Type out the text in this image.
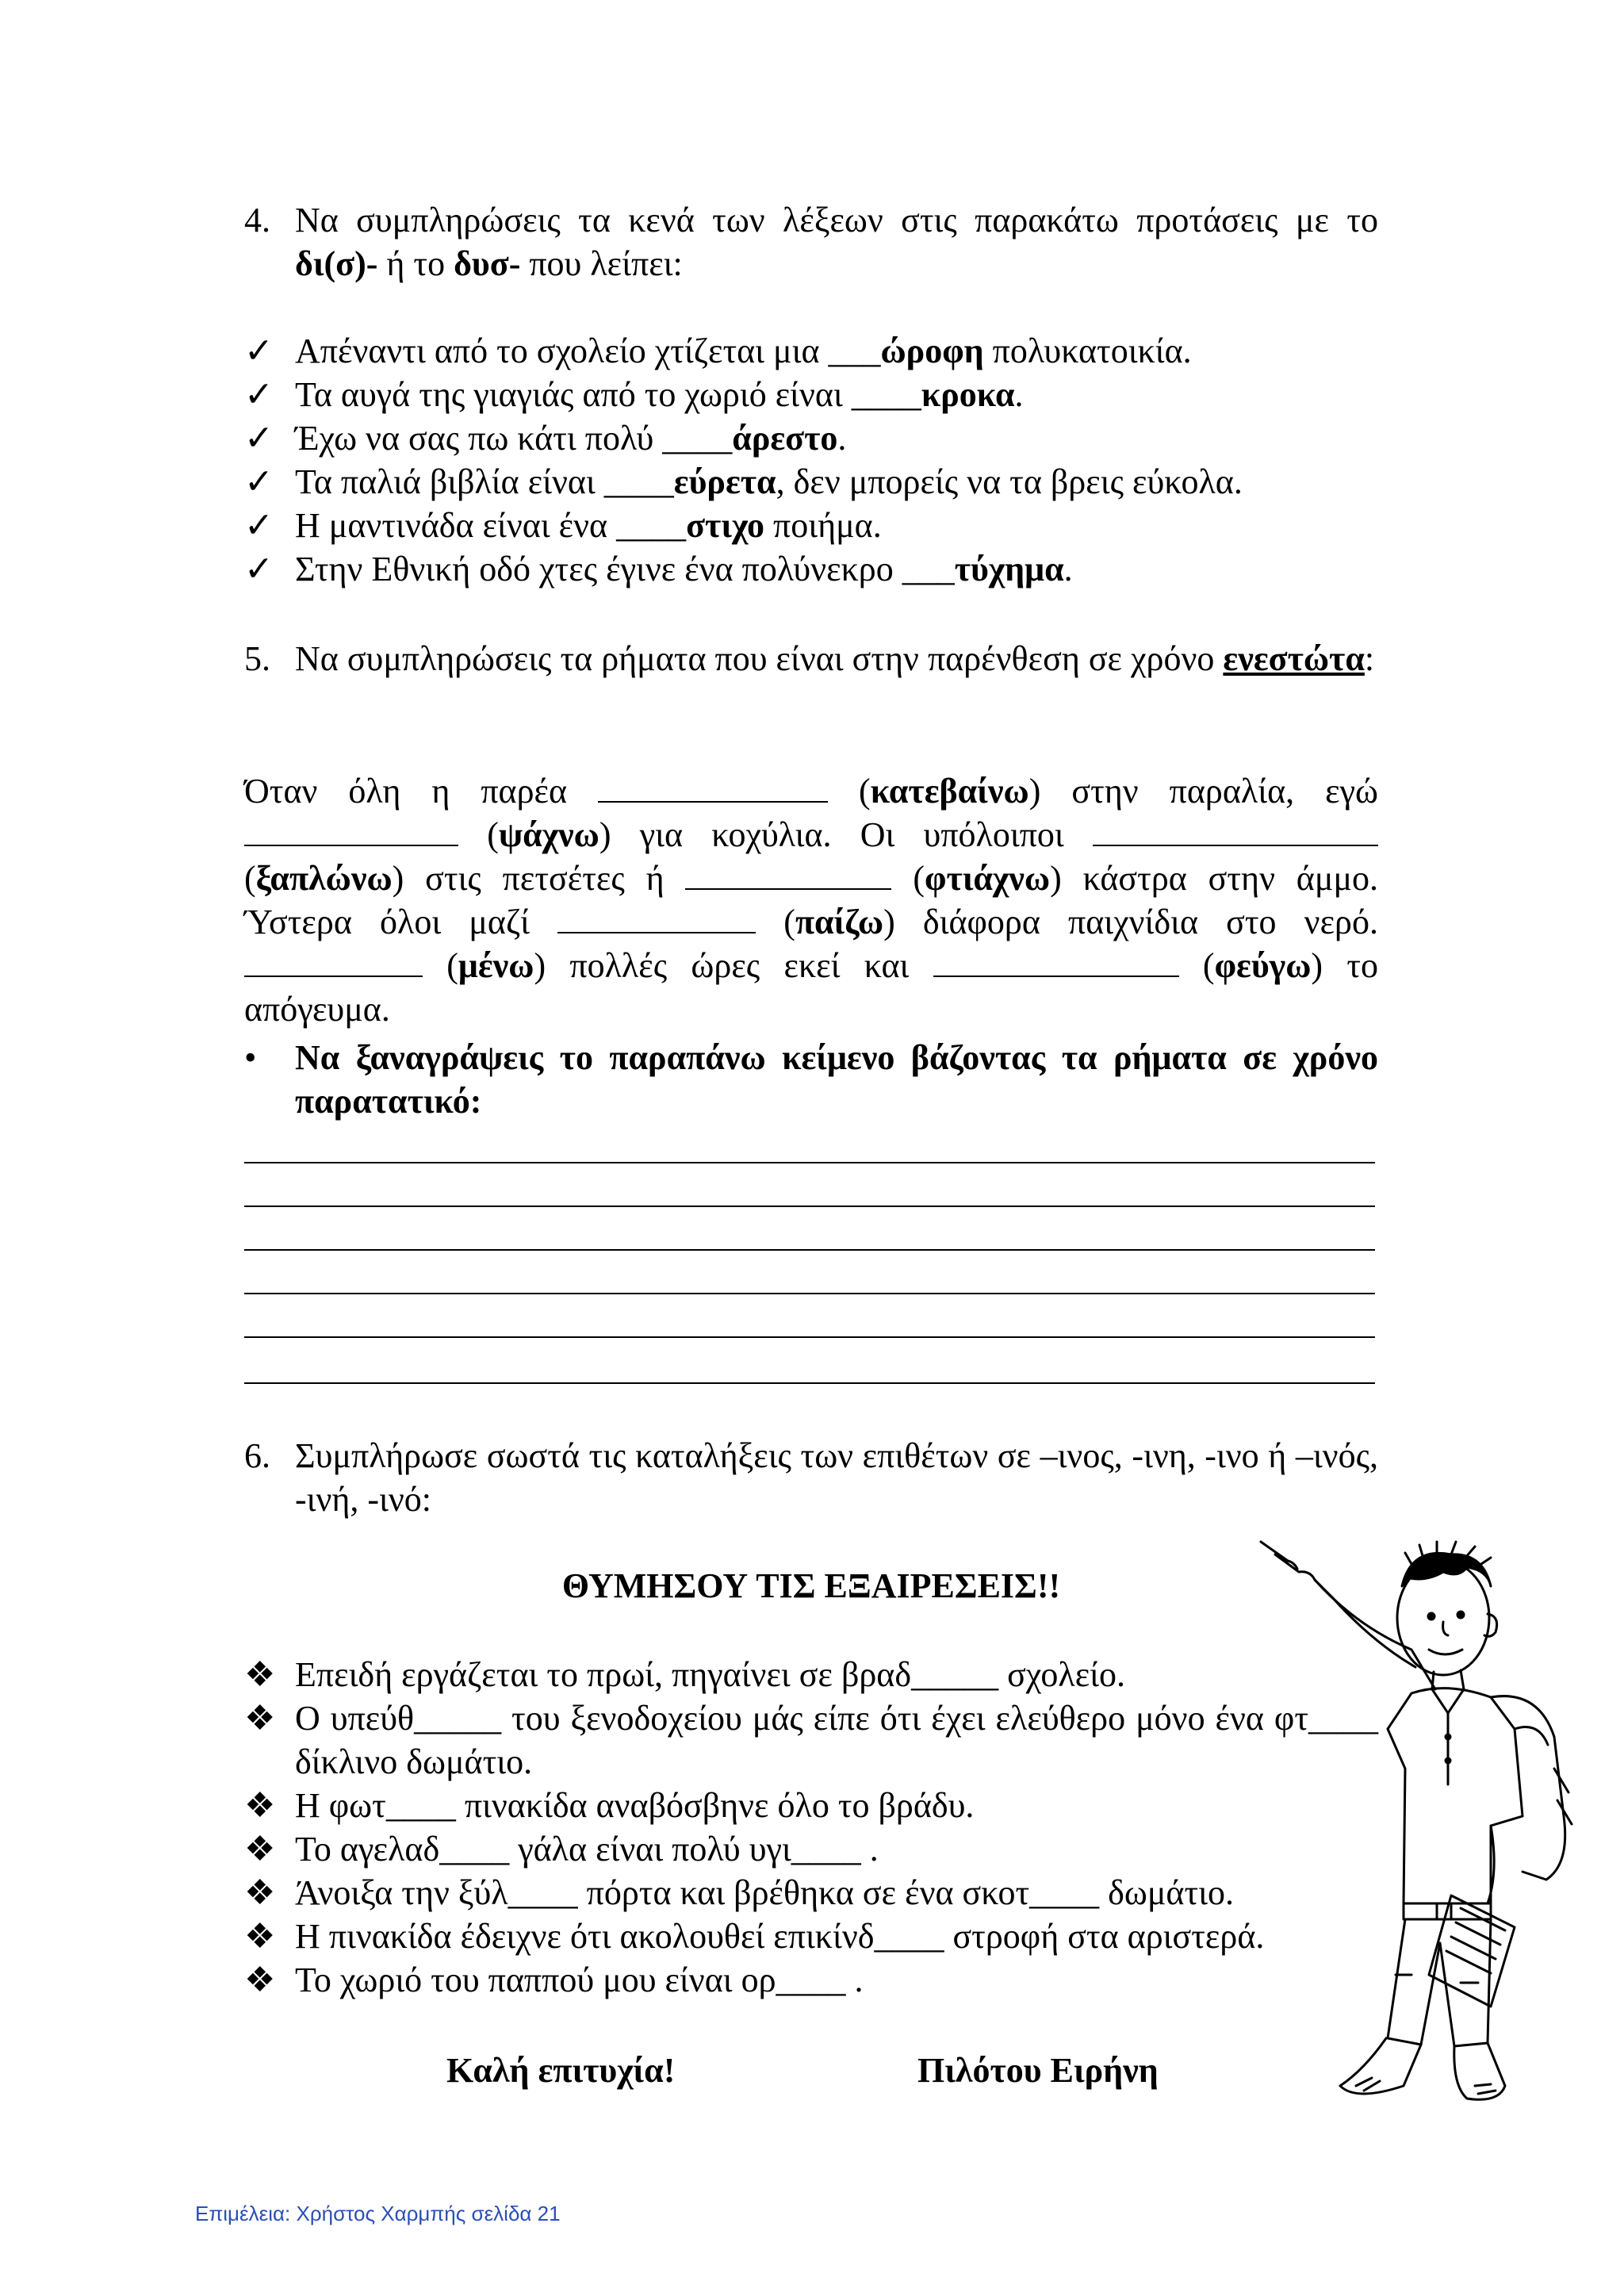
4. Να συμπληρώσεις τα κενά των λέξεων στις παρακάτω προτάσεις με το δι(σ)- ή το δυσ- που λείπει:
✓ Απέναντι από το σχολείο χτίζεται μια ___ώροφη πολυκατοικία.
✓ Τα αυγά της γιαγιάς από το χωριό είναι ____κροκα.
✓ Έχω να σας πω κάτι πολύ ____άρεστο.
✓ Τα παλιά βιβλία είναι ____εύρετα, δεν μπορείς να τα βρεις εύκολα.
✓ Η μαντινάδα είναι ένα ____στιχο ποιήμα.
✓ Στην Εθνική οδό χτες έγινε ένα πολύνεκρο ___τύχημα.
5. Να συμπληρώσεις τα ρήματα που είναι στην παρένθεση σε χρόνο ενεστώτα:

Όταν όλη η παρέα	(κατεβαίνω) στην παραλία, εγώ

(ψάχνω) για κοχύλια. Οι υπόλοιποι

(ξαπλώνω) στις πετσέτες ή	(φτιάχνω) κάστρα στην άμμο.

Ύστερα όλοι μαζί	(παίζω) διάφορα παιχνίδια στο νερό.

(μένω) πολλές ώρες εκεί και	(φεύγω) το

απόγευμα.

•	Να ξαναγράψεις το παραπάνω κείμενο βάζοντας τα ρήματα σε χρόνο παρατατικό:
6. Συμπλήρωσε σωστά τις καταλήξεις των επιθέτων σε –ινος, -ινη, -ινο ή –ινός, -ινή, -ινό:
ΘΥΜΗΣΟΥ ΤΙΣ ΕΞΑΙΡΕΣΕΙΣ!!
❖ Επειδή εργάζεται το πρωί, πηγαίνει σε βραδ_____ σχολείο.
❖ Ο υπεύθ_____ του ξενοδοχείου μάς είπε ότι έχει ελεύθερο μόνο ένα φτ____ δίκλινο δωμάτιο.
❖ Η φωτ____ πινακίδα αναβόσβηνε όλο το βράδυ.
❖ Το αγελαδ____ γάλα είναι πολύ υγι____ .
❖ Άνοιξα την ξύλ____ πόρτα και βρέθηκα σε ένα σκοτ____ δωμάτιο.
❖ Η πινακίδα έδειχνε ότι ακολουθεί επικίνδ____ στροφή στα αριστερά.
❖ Το χωριό του παππού μου είναι ορ____ .
Καλή επιτυχία!	Πιλότου Ειρήνη
Επιμέλεια: Χρήστος Χαρμπής σελίδα 21
